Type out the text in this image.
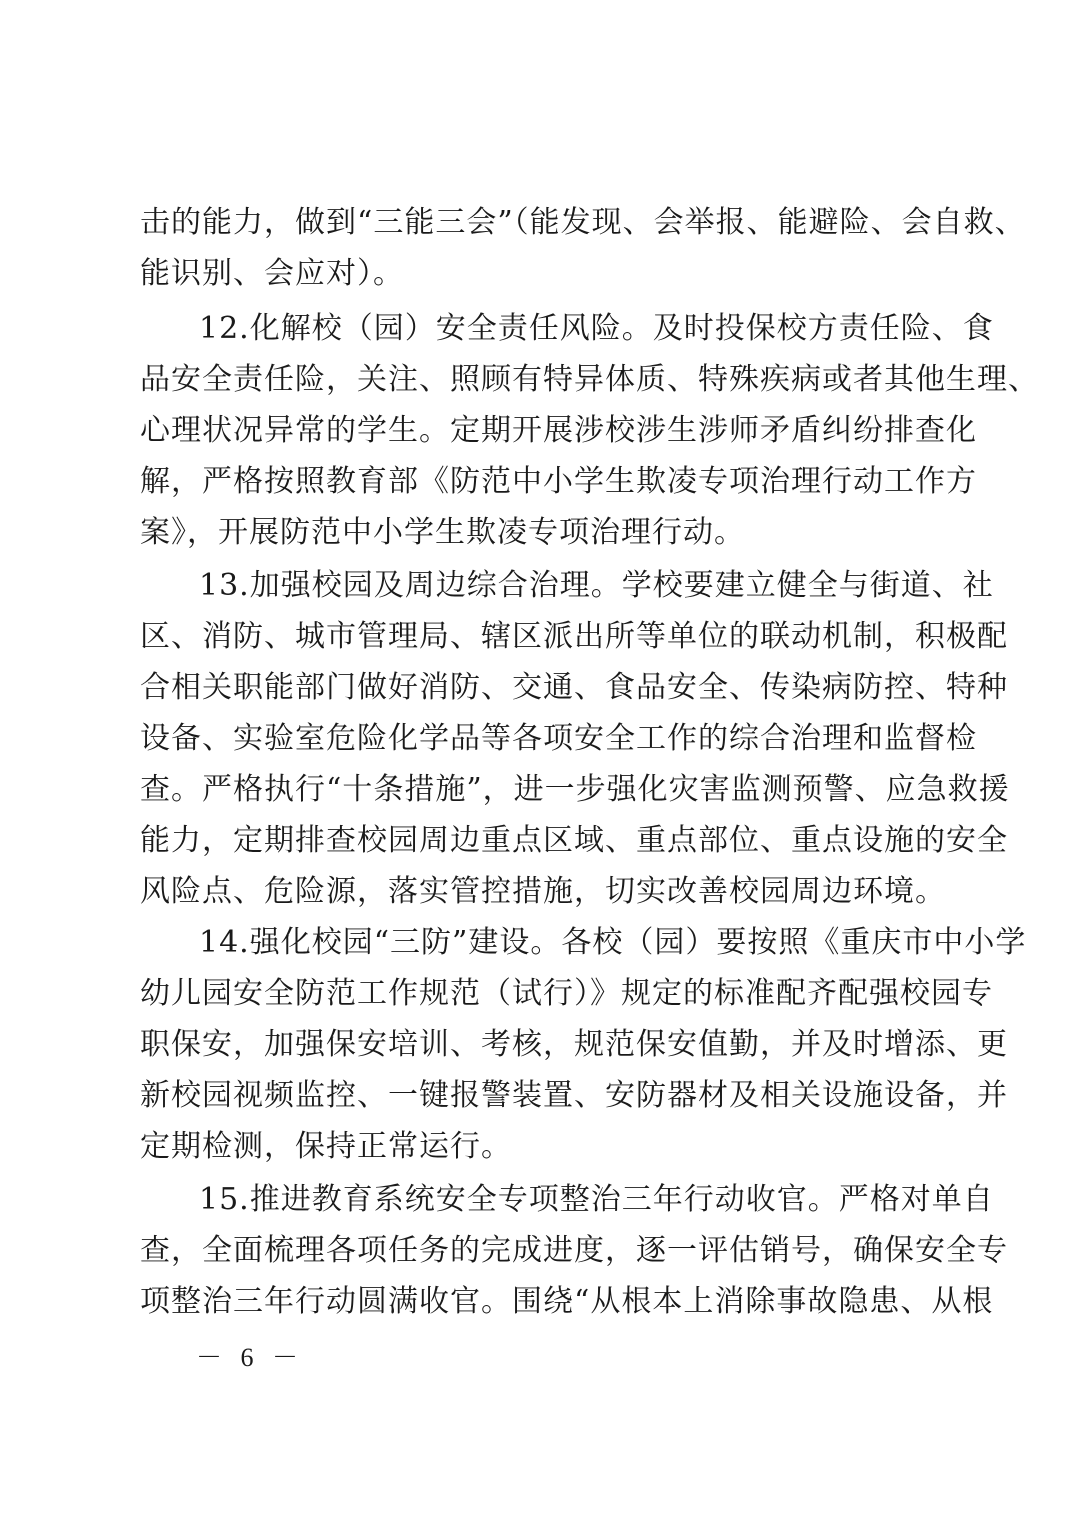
击的能力，做到“三能三会”（能发现、会举报、能避险、会自救、
能识别、会应对）。
12.化解校（园）安全责任风险。及时投保校方责任险、食
品安全责任险，关注、照顾有特异体质、特殊疾病或者其他生理、
心理状况异常的学生。定期开展涉校涉生涉师矛盾纠纷排查化
解，严格按照教育部《防范中小学生欺凌专项治理行动工作方
案》，开展防范中小学生欺凌专项治理行动。
13.加强校园及周边综合治理。学校要建立健全与街道、社
区、消防、城市管理局、辖区派出所等单位的联动机制，积极配
合相关职能部门做好消防、交通、食品安全、传染病防控、特种
设备、实验室危险化学品等各项安全工作的综合治理和监督检
查。严格执行“十条措施”，进一步强化灾害监测预警、应急救援
能力，定期排查校园周边重点区域、重点部位、重点设施的安全
风险点、危险源，落实管控措施，切实改善校园周边环境。
14.强化校园“三防”建设。各校（园）要按照《重庆市中小学
幼儿园安全防范工作规范（试行）》规定的标准配齐配强校园专
职保安，加强保安培训、考核，规范保安值勤，并及时增添、更
新校园视频监控、一键报警装置、安防器材及相关设施设备，并
定期检测，保持正常运行。
15.推进教育系统安全专项整治三年行动收官。严格对单自
查，全面梳理各项任务的完成进度，逐一评估销号，确保安全专
项整治三年行动圆满收官。围绕“从根本上消除事故隐患、从根
－ 6 －
